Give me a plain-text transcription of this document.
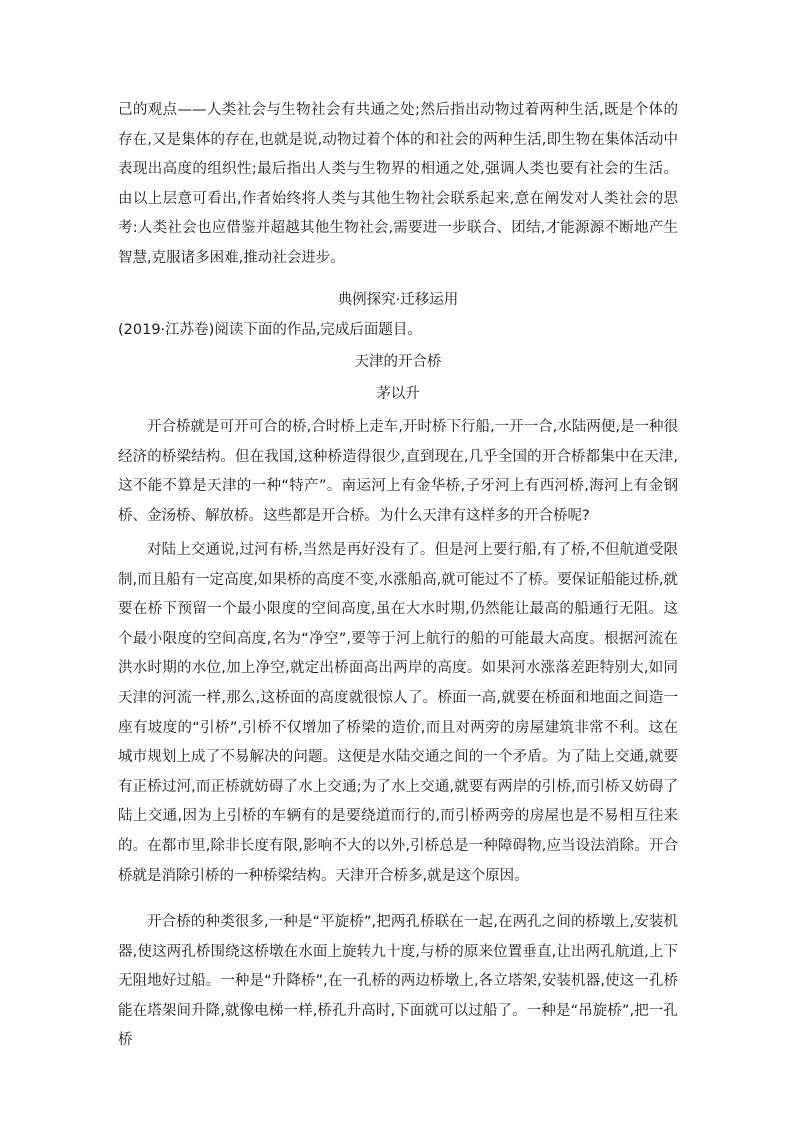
己的观点——人类社会与生物社会有共通之处;然后指出动物过着两种生活,既是个体的存在,又是集体的存在,也就是说,动物过着个体的和社会的两种生活,即生物在集体活动中表现出高度的组织性;最后指出人类与生物界的相通之处,强调人类也要有社会的生活。由以上层意可看出,作者始终将人类与其他生物社会联系起来,意在阐发对人类社会的思考:人类社会也应借鉴并超越其他生物社会,需要进一步联合、团结,才能源源不断地产生智慧,克服诸多困难,推动社会进步。

典例探究·迁移运用
(2019·江苏卷)阅读下面的作品,完成后面题目。
天津的开合桥
茅以升

开合桥就是可开可合的桥,合时桥上走车,开时桥下行船,一开一合,水陆两便,是一种很经济的桥梁结构。但在我国,这种桥造得很少,直到现在,几乎全国的开合桥都集中在天津,这不能不算是天津的一种“特产”。南运河上有金华桥,子牙河上有西河桥,海河上有金钢桥、金汤桥、解放桥。这些都是开合桥。为什么天津有这样多的开合桥呢?

对陆上交通说,过河有桥,当然是再好没有了。但是河上要行船,有了桥,不但航道受限制,而且船有一定高度,如果桥的高度不变,水涨船高,就可能过不了桥。要保证船能过桥,就要在桥下预留一个最小限度的空间高度,虽在大水时期,仍然能让最高的船通行无阻。这个最小限度的空间高度,名为“净空”,要等于河上航行的船的可能最大高度。根据河流在洪水时期的水位,加上净空,就定出桥面高出两岸的高度。如果河水涨落差距特别大,如同天津的河流一样,那么,这桥面的高度就很惊人了。桥面一高,就要在桥面和地面之间造一座有坡度的“引桥”,引桥不仅增加了桥梁的造价,而且对两旁的房屋建筑非常不利。这在城市规划上成了不易解决的问题。这便是水陆交通之间的一个矛盾。为了陆上交通,就要有正桥过河,而正桥就妨碍了水上交通;为了水上交通,就要有两岸的引桥,而引桥又妨碍了陆上交通,因为上引桥的车辆有的是要绕道而行的,而引桥两旁的房屋也是不易相互往来的。在都市里,除非长度有限,影响不大的以外,引桥总是一种障碍物,应当设法消除。开合桥就是消除引桥的一种桥梁结构。天津开合桥多,就是这个原因。

开合桥的种类很多,一种是“平旋桥”,把两孔桥联在一起,在两孔之间的桥墩上,安装机器,使这两孔桥围绕这桥墩在水面上旋转九十度,与桥的原来位置垂直,让出两孔航道,上下无阻地好过船。一种是“升降桥”,在一孔桥的两边桥墩上,各立塔架,安装机器,使这一孔桥能在塔架间升降,就像电梯一样,桥孔升高时,下面就可以过船了。一种是“吊旋桥”,把一孔桥
